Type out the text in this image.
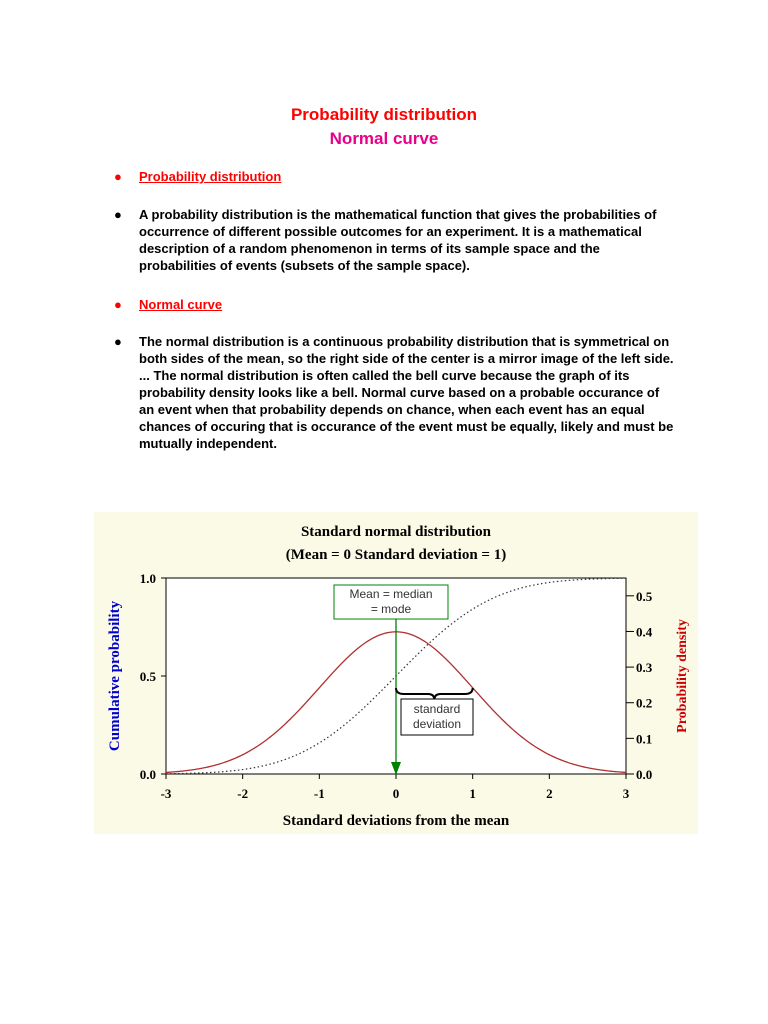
Probability distribution
Normal curve
●	Probability distribution
●	A probability distribution is the mathematical function that gives the probabilities of occurrence of different possible outcomes for an experiment. It is a mathematical description of a random phenomenon in terms of its sample space and the probabilities of events (subsets of the sample space).
●	Normal curve
●	The normal distribution is a continuous probability distribution that is symmetrical on both sides of the mean, so the right side of the center is a mirror image of the left side. ... The normal distribution is often called the bell curve because the graph of its probability density looks like a bell. Normal curve based on a probable occurance of an event when that probability depends on chance, when each event has an equal chances of occuring that is occurance of the event must be equally, likely and must be mutually independent.
Standard normal distribution
(Mean = 0 Standard deviation = 1)
-3	-2	-1	0	1	2	3
0.0
0.5
1.0
0.0
0.1
0.2
0.3
0.4
0.5
Mean = median
= mode
standard
deviation
Standard deviations from the mean
Cumulative probability	Probability density
